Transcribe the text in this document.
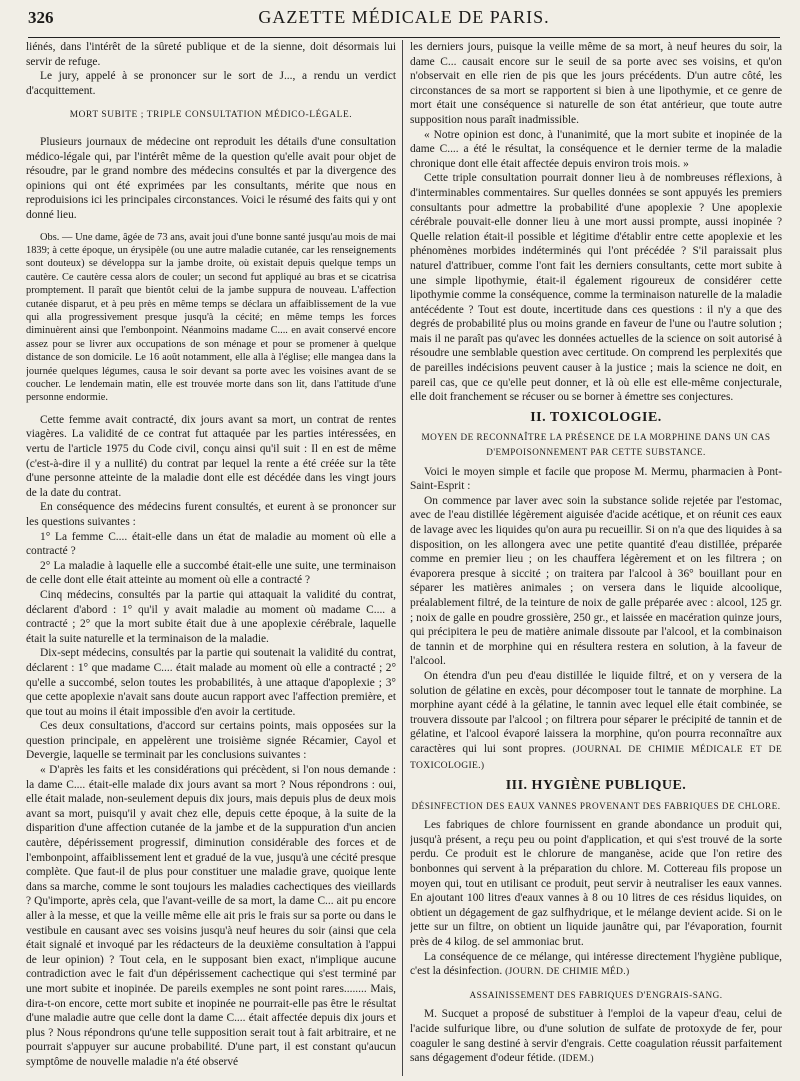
326	GAZETTE MÉDICALE DE PARIS.

liénés, dans l'intérêt de la sûreté publique et de la sienne, doit désormais lui servir de refuge.

Le jury, appelé à se prononcer sur le sort de J..., a rendu un verdict d'acquittement.

MORT SUBITE ; TRIPLE CONSULTATION MÉDICO-LÉGALE.

Plusieurs journaux de médecine ont reproduit les détails d'une consultation médico-légale qui, par l'intérêt même de la question qu'elle avait pour objet de résoudre, par le grand nombre des médecins consultés et par la divergence des opinions qui ont été exprimées par les consultants, mérite que nous en reproduisions ici les principales circonstances. Voici le résumé des faits qui y ont donné lieu.

Obs. — Une dame, âgée de 73 ans, avait joui d'une bonne santé jusqu'au mois de mai 1839; à cette époque, un érysipèle (ou une autre maladie cutanée, car les renseignements sont douteux) se développa sur la jambe droite, où existait depuis quelque temps un cautère. Ce cautère cessa alors de couler; un second fut appliqué au bras et se cicatrisa promptement. Il paraît que bientôt celui de la jambe suppura de nouveau. L'affection cutanée disparut, et à peu près en même temps se déclara un affaiblissement de la vue qui alla progressivement presque jusqu'à la cécité; en même temps les forces diminuèrent ainsi que l'embonpoint. Néanmoins madame C.... en avait conservé encore assez pour se livrer aux occupations de son ménage et pour se promener à quelque distance de son domicile. Le 16 août notamment, elle alla à l'église; elle mangea dans la journée quelques légumes, causa le soir devant sa porte avec les voisines avant de se coucher. Le lendemain matin, elle est trouvée morte dans son lit, dans l'attitude d'une personne endormie.

Cette femme avait contracté, dix jours avant sa mort, un contrat de rentes viagères. La validité de ce contrat fut attaquée par les parties intéressées, en vertu de l'article 1975 du Code civil, conçu ainsi qu'il suit : Il en est de même (c'est-à-dire il y a nullité) du contrat par lequel la rente a été créée sur la tête d'une personne atteinte de la maladie dont elle est décédée dans les vingt jours de la date du contrat.

En conséquence des médecins furent consultés, et eurent à se prononcer sur les questions suivantes :

1° La femme C.... était-elle dans un état de maladie au moment où elle a contracté ?

2° La maladie à laquelle elle a succombé était-elle une suite, une terminaison de celle dont elle était atteinte au moment où elle a contracté ?

Cinq médecins, consultés par la partie qui attaquait la validité du contrat, déclarent d'abord : 1° qu'il y avait maladie au moment où madame C.... a contracté ; 2° que la mort subite était due à une apoplexie cérébrale, laquelle était la suite naturelle et la terminaison de la maladie.

Dix-sept médecins, consultés par la partie qui soutenait la validité du contrat, déclarent : 1° que madame C.... était malade au moment où elle a contracté ; 2° qu'elle a succombé, selon toutes les probabilités, à une attaque d'apoplexie ; 3° que cette apoplexie n'avait sans doute aucun rapport avec l'affection première, et que tout au moins il était impossible d'en avoir la certitude.

Ces deux consultations, d'accord sur certains points, mais opposées sur la question principale, en appelèrent une troisième signée Récamier, Cayol et Devergie, laquelle se terminait par les conclusions suivantes :

« D'après les faits et les considérations qui précèdent, si l'on nous demande : la dame C.... était-elle malade dix jours avant sa mort ? Nous répondrons : oui, elle était malade, non-seulement depuis dix jours, mais depuis plus de deux mois avant sa mort, puisqu'il y avait chez elle, depuis cette époque, à la suite de la disparition d'une affection cutanée de la jambe et de la suppuration d'un ancien cautère, dépérissement progressif, diminution considérable des forces et de l'embonpoint, affaiblissement lent et gradué de la vue, jusqu'à une cécité presque complète. Que faut-il de plus pour constituer une maladie grave, quoique lente dans sa marche, comme le sont toujours les maladies cachectiques des vieillards ? Qu'importe, après cela, que l'avant-veille de sa mort, la dame C... ait pu encore aller à la messe, et que la veille même elle ait pris le frais sur sa porte ou dans le vestibule en causant avec ses voisins jusqu'à neuf heures du soir (ainsi que cela était signalé et invoqué par les rédacteurs de la deuxième consultation à l'appui de leur opinion) ? Tout cela, en le supposant bien exact, n'implique aucune contradiction avec le fait d'un dépérissement cachectique qui s'est terminé par une mort subite et inopinée. De pareils exemples ne sont point rares........ Mais, dira-t-on encore, cette mort subite et inopinée ne pourrait-elle pas être le résultat d'une maladie autre que celle dont la dame C.... était affectée depuis dix jours et plus ? Nous répondrons qu'une telle supposition serait tout à fait arbitraire, et ne pourrait s'appuyer sur aucune probabilité. D'une part, il est constant qu'aucun symptôme de nouvelle maladie n'a été observé

les derniers jours, puisque la veille même de sa mort, à neuf heures du soir, la dame C... causait encore sur le seuil de sa porte avec ses voisins, et qu'on n'observait en elle rien de pis que les jours précédents. D'un autre côté, les circonstances de sa mort se rapportent si bien à une lipothymie, et ce genre de mort était une conséquence si naturelle de son état antérieur, que toute autre supposition nous paraît inadmissible.

« Notre opinion est donc, à l'unanimité, que la mort subite et inopinée de la dame C.... a été le résultat, la conséquence et le dernier terme de la maladie chronique dont elle était affectée depuis environ trois mois. »

Cette triple consultation pourrait donner lieu à de nombreuses réflexions, à d'interminables commentaires. Sur quelles données se sont appuyés les premiers consultants pour admettre la probabilité d'une apoplexie ? Une apoplexie cérébrale pouvait-elle donner lieu à une mort aussi prompte, aussi inopinée ? Quelle relation était-il possible et légitime d'établir entre cette apoplexie et les phénomènes morbides indéterminés qui l'ont précédée ? S'il paraissait plus naturel d'attribuer, comme l'ont fait les derniers consultants, cette mort subite à une simple lipothymie, était-il également rigoureux de considérer cette lipothymie comme la conséquence, comme la terminaison naturelle de la maladie antécédente ? Tout est doute, incertitude dans ces questions : il n'y a que des degrés de probabilité plus ou moins grande en faveur de l'une ou l'autre solution ; mais il ne paraît pas qu'avec les données actuelles de la science on soit autorisé à résoudre une semblable question avec certitude. On comprend les perplexités que de pareilles indécisions peuvent causer à la justice ; mais la science ne doit, en pareil cas, que ce qu'elle peut donner, et là où elle est elle-même conjecturale, elle doit franchement se récuser ou se borner à émettre ses conjectures.

II. TOXICOLOGIE.
MOYEN DE RECONNAÎTRE LA PRÉSENCE DE LA MORPHINE DANS UN CAS D'EMPOISONNEMENT PAR CETTE SUBSTANCE.

Voici le moyen simple et facile que propose M. Mermu, pharmacien à Pont-Saint-Esprit :

On commence par laver avec soin la substance solide rejetée par l'estomac, avec de l'eau distillée légèrement aiguisée d'acide acétique, et on réunit ces eaux de lavage avec les liquides qu'on aura pu recueillir. Si on n'a que des liquides à sa disposition, on les allongera avec une petite quantité d'eau distillée, préparée comme en premier lieu ; on les chauffera légèrement et on les filtrera ; on évaporera presque à siccité ; on traitera par l'alcool à 36° bouillant pour en séparer les matières animales ; on versera dans le liquide alcoolique, préalablement filtré, de la teinture de noix de galle préparée avec : alcool, 125 gr. ; noix de galle en poudre grossière, 250 gr., et laissée en macération quinze jours, qui précipitera le peu de matière animale dissoute par l'alcool, et la combinaison de tannin et de morphine qui en résultera restera en solution, à la faveur de l'alcool.

On étendra d'un peu d'eau distillée le liquide filtré, et on y versera de la solution de gélatine en excès, pour décomposer tout le tannate de morphine. La morphine ayant cédé à la gélatine, le tannin avec lequel elle était combinée, se trouvera dissoute par l'alcool ; on filtrera pour séparer le précipité de tannin et de gélatine, et l'alcool évaporé laissera la morphine, qu'on pourra reconnaître aux caractères qui lui sont propres. (JOURNAL DE CHIMIE MÉDICALE ET DE TOXICOLOGIE.)

III. HYGIÈNE PUBLIQUE.
DÉSINFECTION DES EAUX VANNES PROVENANT DES FABRIQUES DE CHLORE.

Les fabriques de chlore fournissent en grande abondance un produit qui, jusqu'à présent, a reçu peu ou point d'application, et qui s'est trouvé de la sorte perdu. Ce produit est le chlorure de manganèse, acide que l'on retire des bonbonnes qui servent à la préparation du chlore. M. Cottereau fils propose un moyen qui, tout en utilisant ce produit, peut servir à neutraliser les eaux vannes. En ajoutant 100 litres d'eaux vannes à 8 ou 10 litres de ces résidus liquides, on obtient un dégagement de gaz sulfhydrique, et le mélange devient acide. Si on le jette sur un filtre, on obtient un liquide jaunâtre qui, par l'évaporation, fournit près de 4 kilog. de sel ammoniac brut.

La conséquence de ce mélange, qui intéresse directement l'hygiène publique, c'est la désinfection. (JOURN. DE CHIMIE MÉD.)

ASSAINISSEMENT DES FABRIQUES D'ENGRAIS-SANG.

M. Sucquet a proposé de substituer à l'emploi de la vapeur d'eau, celui de l'acide sulfurique libre, ou d'une solution de sulfate de protoxyde de fer, pour coaguler le sang destiné à servir d'engrais. Cette coagulation réussit parfaitement sans dégagement d'odeur fétide. (IDEM.)
